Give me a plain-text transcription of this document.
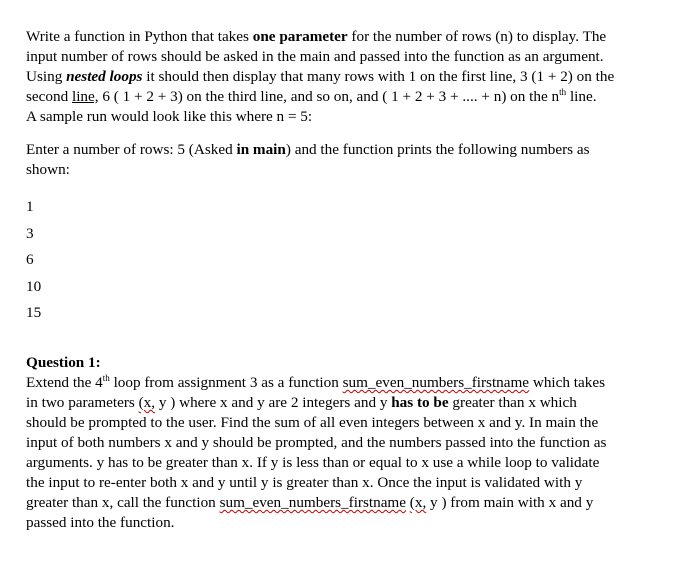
Write a function in Python that takes one parameter for the number of rows (n) to display. The

input number of rows should be asked in the main and passed into the function as an argument.

Using nested loops it should then display that many rows with 1 on the first line, 3 (1 + 2) on the

second line, 6 ( 1 + 2 + 3) on the third line, and so on, and ( 1 + 2 + 3 + .... + n) on the $n^{th}$ line.

A sample run would look like this where n = 5:

Enter a number of rows: 5 (Asked in main) and the function prints the following numbers as

shown:

1

3

6

10

15

Question 1:

Extend the 4th loop from assignment 3 as a function sum_even_numbers_firstname which takes

in two parameters (x, y ) where x and y are 2 integers and y has to be greater than x which

should be prompted to the user. Find the sum of all even integers between x and y. In main the

input of both numbers x and y should be prompted, and the numbers passed into the function as

arguments. y has to be greater than x. If y is less than or equal to x use a while loop to validate

the input to re-enter both x and y until y is greater than x. Once the input is validated with y

greater than x, call the function sum_even_numbers_firstname (x, y ) from main with x and y

passed into the function.
